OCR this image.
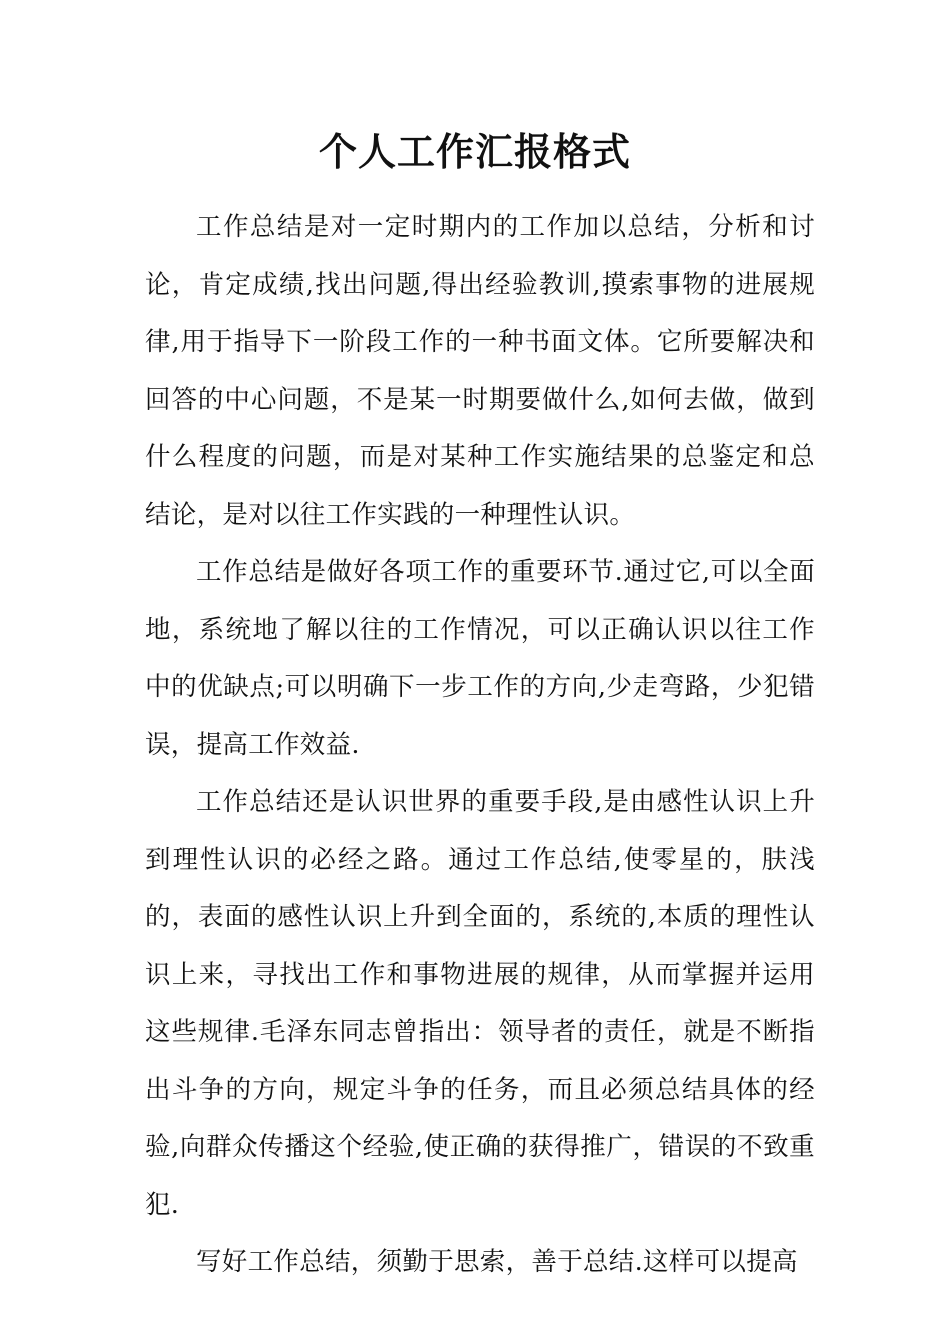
个人工作汇报格式

工作总结是对一定时期内的工作加以总结，分析和讨论，肯定成绩,找出问题,得出经验教训,摸索事物的进展规律,用于指导下一阶段工作的一种书面文体。它所要解决和回答的中心问题，不是某一时期要做什么,如何去做，做到什么程度的问题，而是对某种工作实施结果的总鉴定和总结论，是对以往工作实践的一种理性认识。

工作总结是做好各项工作的重要环节.通过它,可以全面地，系统地了解以往的工作情况，可以正确认识以往工作中的优缺点;可以明确下一步工作的方向,少走弯路，少犯错误，提高工作效益.

工作总结还是认识世界的重要手段,是由感性认识上升到理性认识的必经之路。通过工作总结,使零星的，肤浅的，表面的感性认识上升到全面的，系统的,本质的理性认识上来，寻找出工作和事物进展的规律，从而掌握并运用这些规律.毛泽东同志曾指出：领导者的责任，就是不断指出斗争的方向，规定斗争的任务，而且必须总结具体的经验,向群众传播这个经验,使正确的获得推广，错误的不致重犯.

写好工作总结，须勤于思索，善于总结.这样可以提高
